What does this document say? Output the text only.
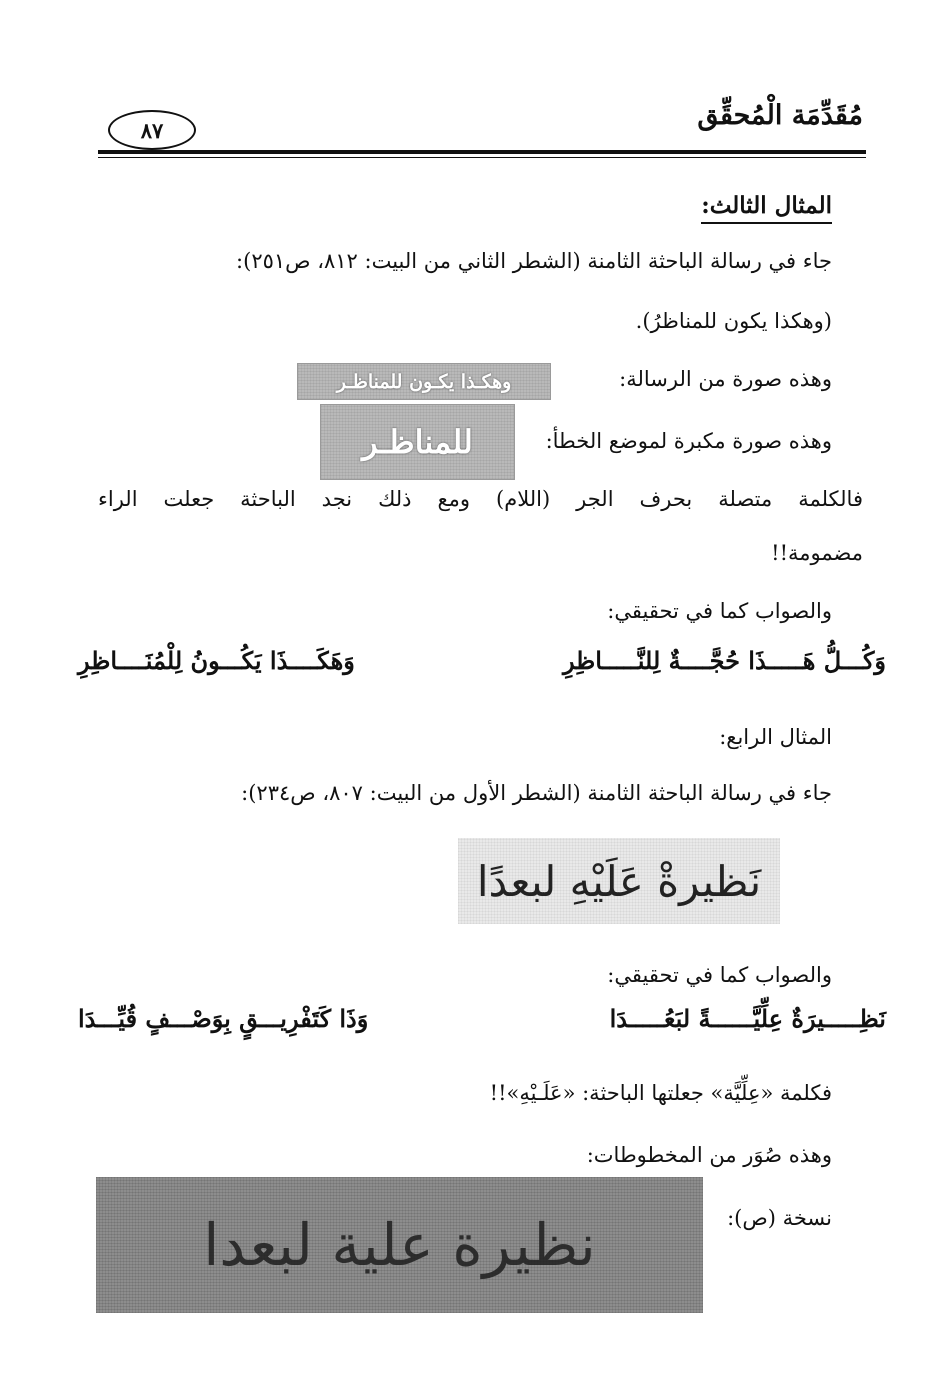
مُقَدِّمَة الْمُحقِّق
٨٧
المثال الثالث:
جاء في رسالة الباحثة الثامنة (الشطر الثاني من البيت: ٨١٢، ص٢٥١):
(وهكذا يكون للمناظرُ).
وهذه صورة من الرسالة:
وهكـذا يكـون للمناظـر
وهذه صورة مكبرة لموضع الخطأ:
للمناظـر
فالكلمة متصلة بحرف الجر (اللام) ومع ذلك نجد الباحثة جعلت الراء
مضمومة!!
والصواب كما في تحقيقي:
وَكُـــلُّ هَـــــذَا حُجَّــــةٌ لِلنَّـــــاظِرِ
وَهَكَــــذَا يَكُـــونُ لِلْمُنَــــاظِرِ
المثال الرابع:
جاء في رسالة الباحثة الثامنة (الشطر الأول من البيت: ٨٠٧، ص٢٣٤):
نَظيرةْ عَلَيْهِ لبعدًا
والصواب كما في تحقيقي:
نَظِـــــيرَةٌ عِلِّيَّــــــةً لبَعُـــــدَا
وَذَا كَتَفْرِيـــقٍ بِوَصْـــفٍ قُيِّـــدَا
فكلمة «عِلِّيَّة» جعلتها الباحثة: «عَلَـيْهِ»!!
وهذه صُوَر من المخطوطات:
نسخة (ص):
نظيرة علية لبعدا
